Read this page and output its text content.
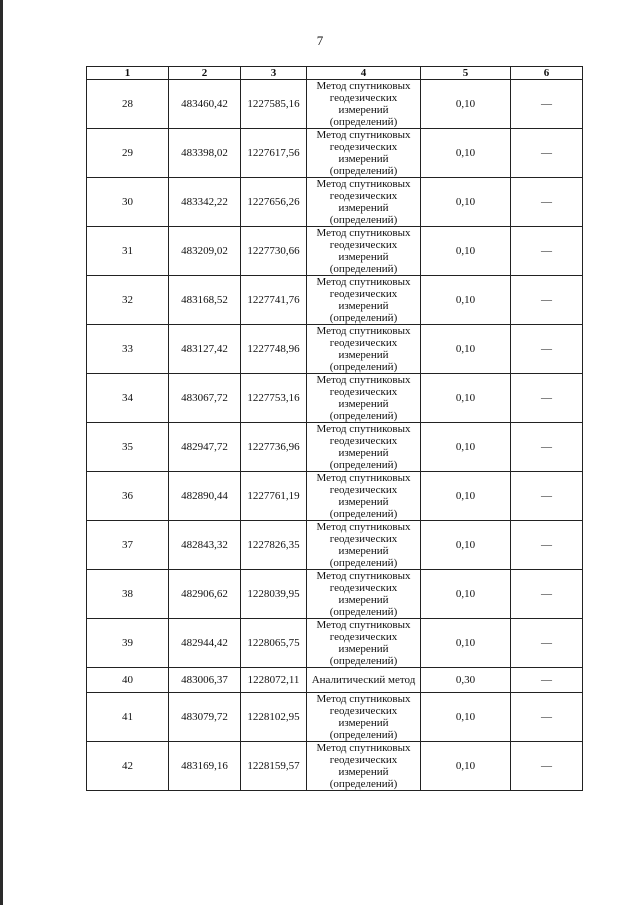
7
1	2	3	4	5	6
28	483460,42	1227585,16	Метод спутниковых геодезических измерений (определений)	0,10	—
29	483398,02	1227617,56	Метод спутниковых геодезических измерений (определений)	0,10	—
30	483342,22	1227656,26	Метод спутниковых геодезических измерений (определений)	0,10	—
31	483209,02	1227730,66	Метод спутниковых геодезических измерений (определений)	0,10	—
32	483168,52	1227741,76	Метод спутниковых геодезических измерений (определений)	0,10	—
33	483127,42	1227748,96	Метод спутниковых геодезических измерений (определений)	0,10	—
34	483067,72	1227753,16	Метод спутниковых геодезических измерений (определений)	0,10	—
35	482947,72	1227736,96	Метод спутниковых геодезических измерений (определений)	0,10	—
36	482890,44	1227761,19	Метод спутниковых геодезических измерений (определений)	0,10	—
37	482843,32	1227826,35	Метод спутниковых геодезических измерений (определений)	0,10	—
38	482906,62	1228039,95	Метод спутниковых геодезических измерений (определений)	0,10	—
39	482944,42	1228065,75	Метод спутниковых геодезических измерений (определений)	0,10	—
40	483006,37	1228072,11	Аналитический метод	0,30	—
41	483079,72	1228102,95	Метод спутниковых геодезических измерений (определений)	0,10	—
42	483169,16	1228159,57	Метод спутниковых геодезических измерений (определений)	0,10	—
